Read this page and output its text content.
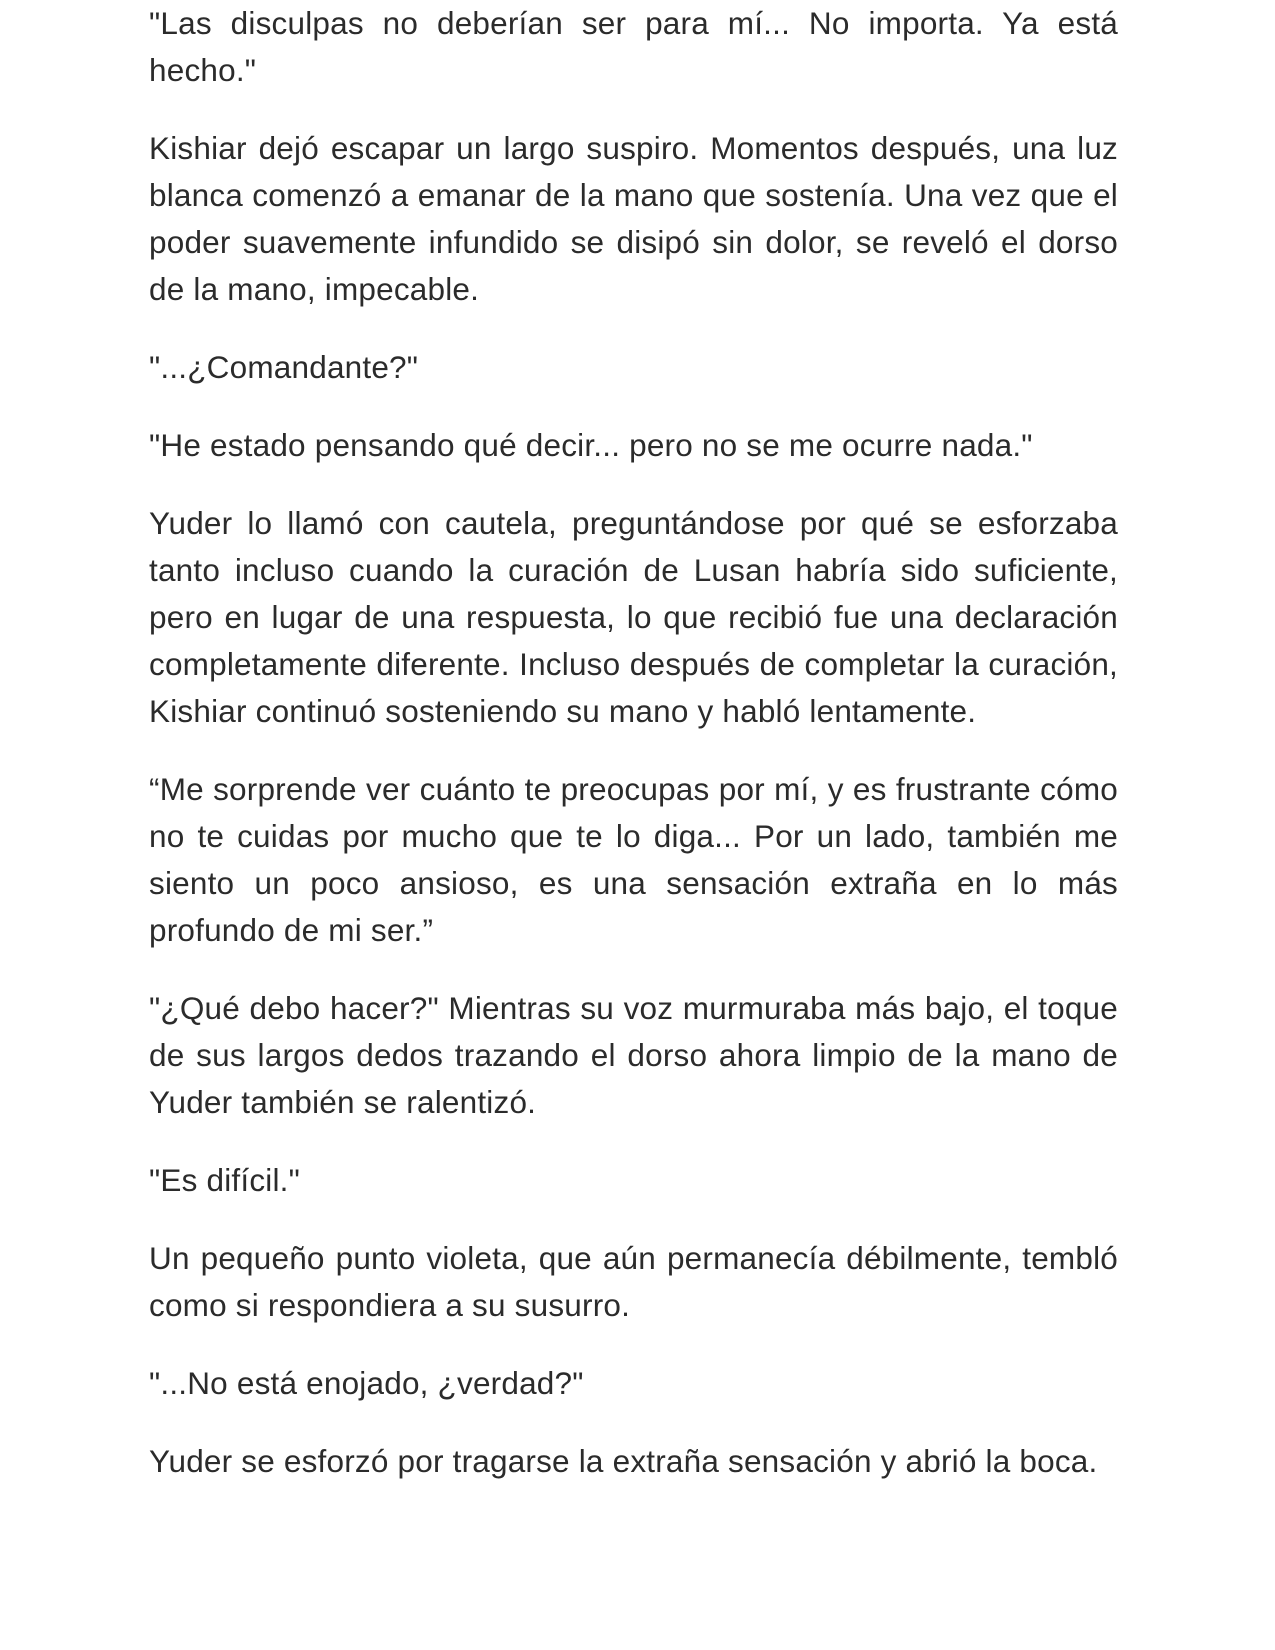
"Las disculpas no deberían ser para mí... No importa. Ya está hecho."

Kishiar dejó escapar un largo suspiro. Momentos después, una luz blanca comenzó a emanar de la mano que sostenía. Una vez que el poder suavemente infundido se disipó sin dolor, se reveló el dorso de la mano, impecable.

"...¿Comandante?"

"He estado pensando qué decir... pero no se me ocurre nada."

Yuder lo llamó con cautela, preguntándose por qué se esforzaba tanto incluso cuando la curación de Lusan habría sido suficiente, pero en lugar de una respuesta, lo que recibió fue una declaración completamente diferente. Incluso después de completar la curación, Kishiar continuó sosteniendo su mano y habló lentamente.

“Me sorprende ver cuánto te preocupas por mí, y es frustrante cómo no te cuidas por mucho que te lo diga... Por un lado, también me siento un poco ansioso, es una sensación extraña en lo más profundo de mi ser.”

"¿Qué debo hacer?" Mientras su voz murmuraba más bajo, el toque de sus largos dedos trazando el dorso ahora limpio de la mano de Yuder también se ralentizó.

"Es difícil."

Un pequeño punto violeta, que aún permanecía débilmente, tembló como si respondiera a su susurro.

"...No está enojado, ¿verdad?"

Yuder se esforzó por tragarse la extraña sensación y abrió la boca.
